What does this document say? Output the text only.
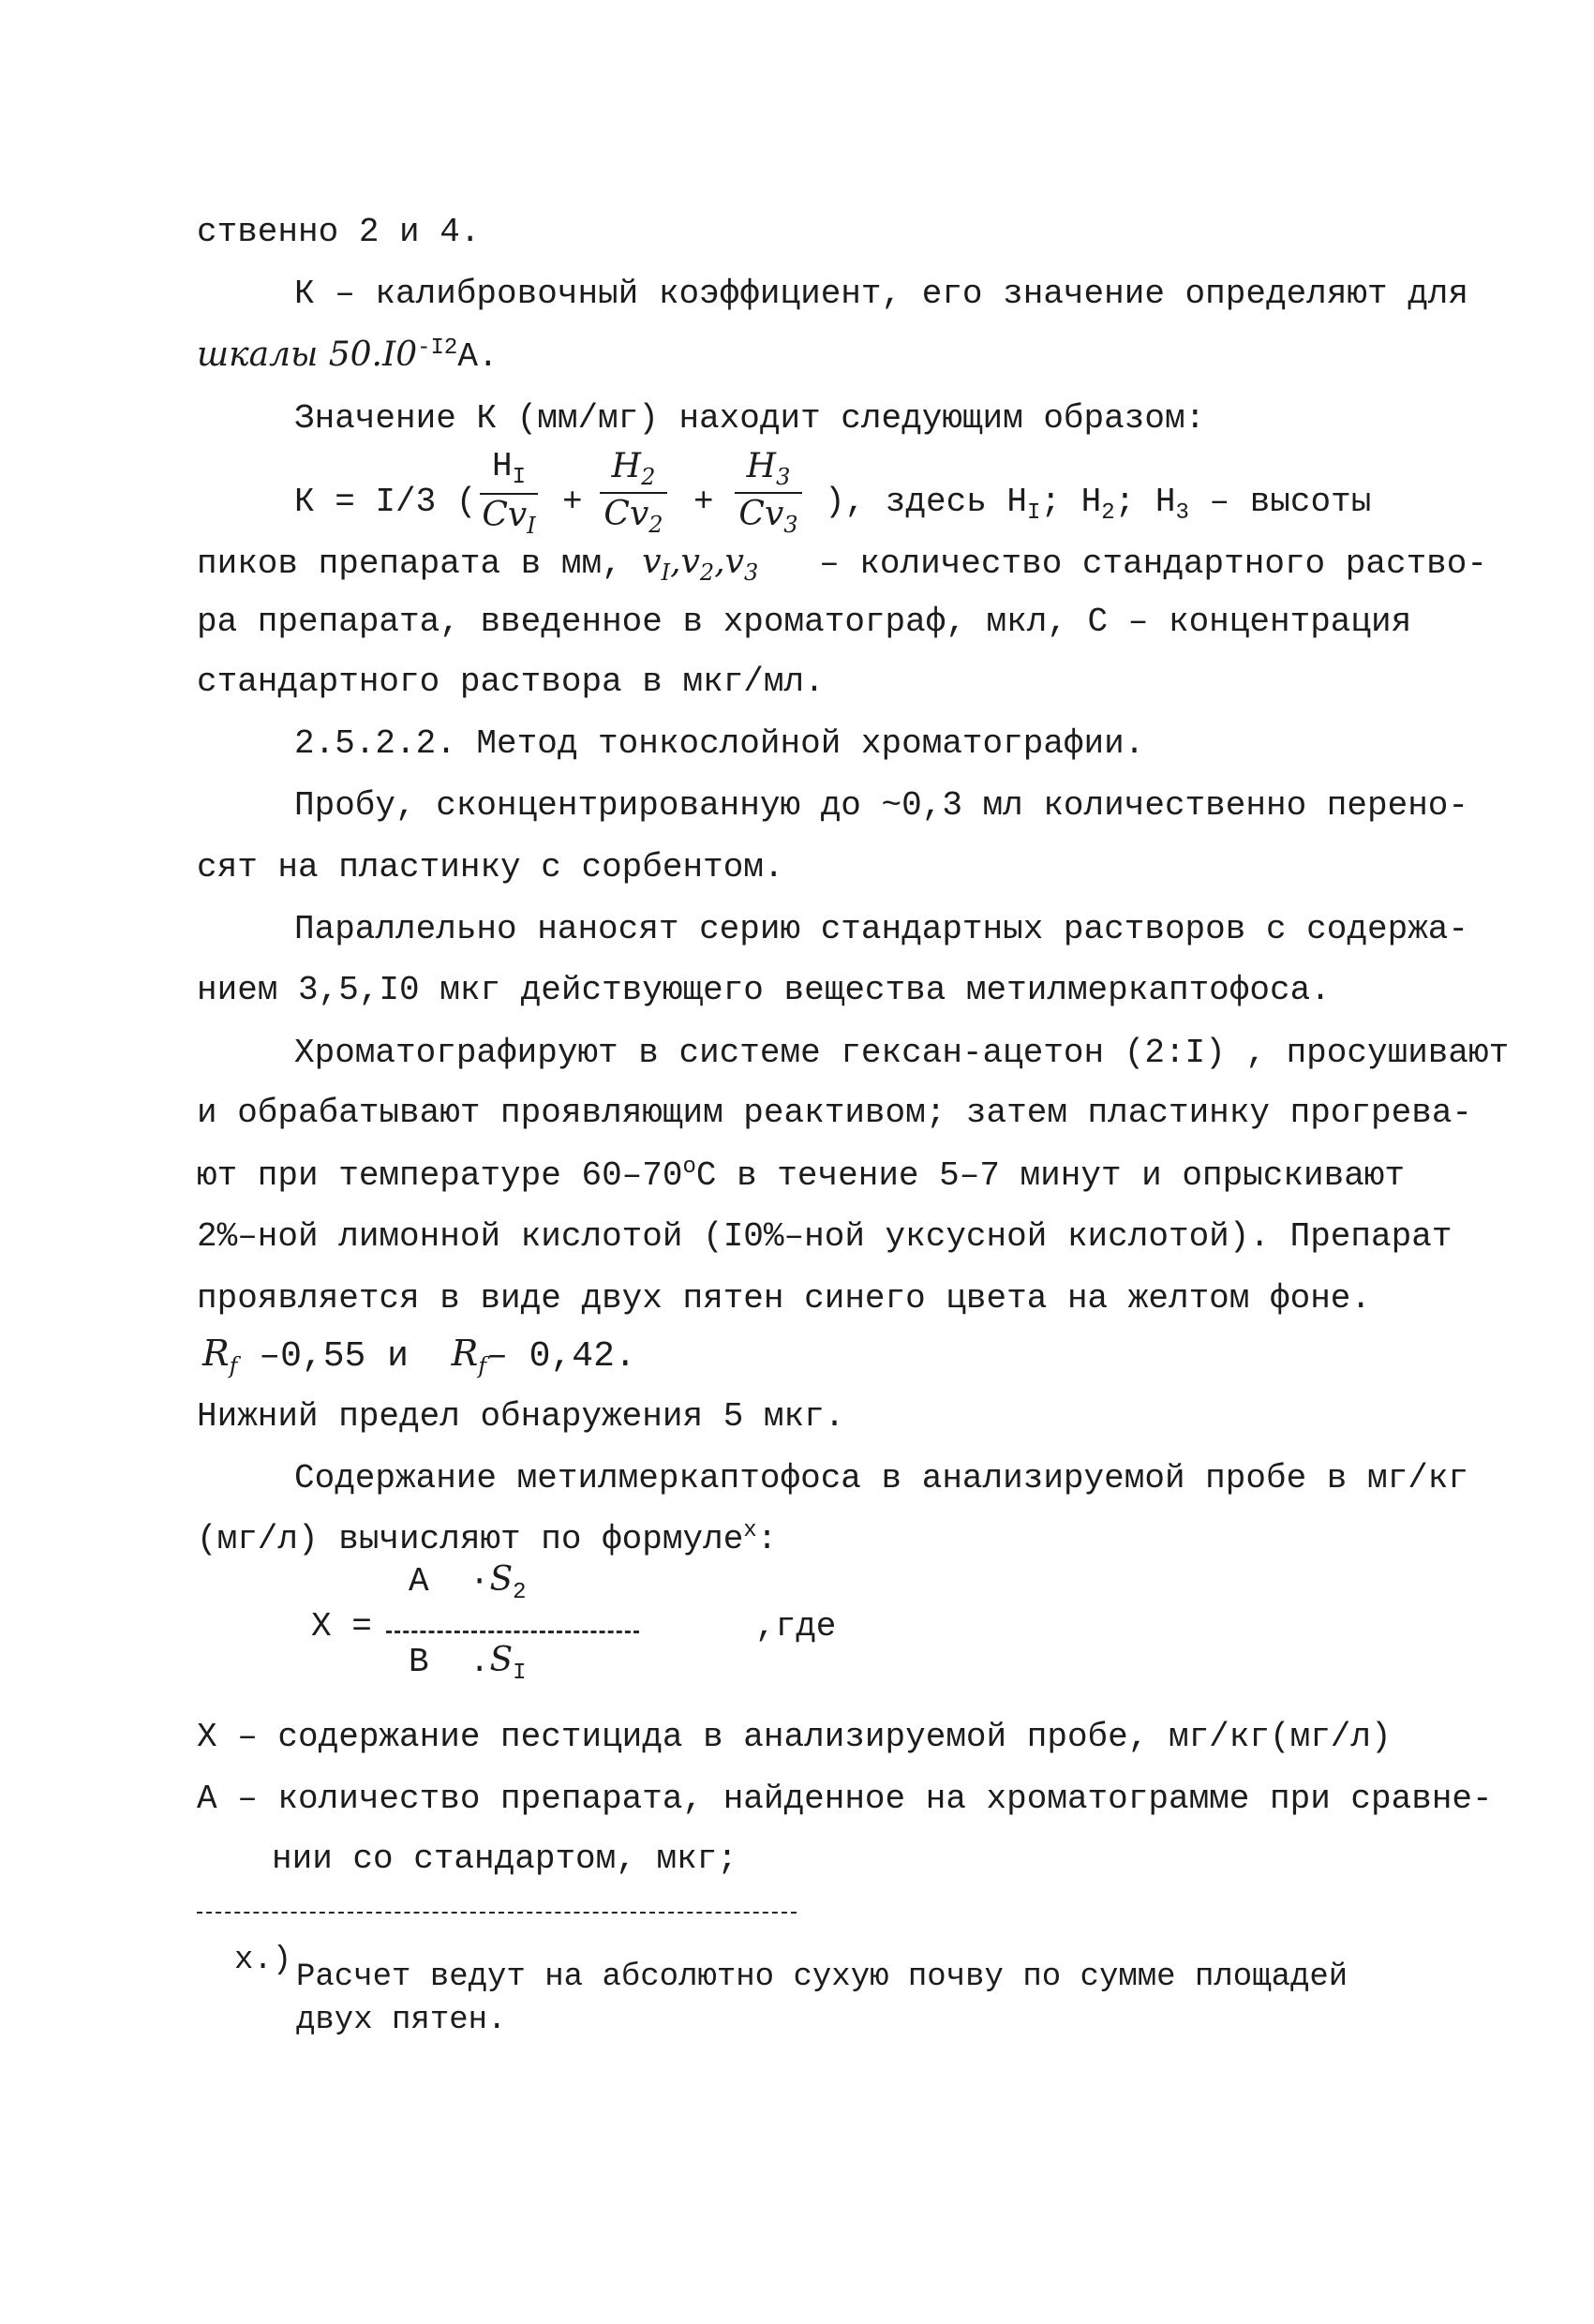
ственно 2 и 4.
К – калибровочный коэффициент, его значение определяют для
шкалы $50.I0^{-I2}А$.
Значение К (мм/мг) находит следующим образом:
К = I/3 (
$H_I$
$Cv_I$
+
$H_2$
$Cv_2$
+
$H_3$
$Cv_3$
), здесь $H_I$; $H_2$; $H_3$ – высоты
пиков препарата в мм, $v_I,v_2,v_3$ – количество стандартного раство-
ра препарата, введенное в хроматограф, мкл, С – концентрация
стандартного раствора в мкг/мл.
2.5.2.2. Метод тонкослойной хроматографии.
Пробу, сконцентрированную до ~0,3 мл количественно перено-
сят на пластинку с сорбентом.
Параллельно наносят серию стандартных растворов с содержа-
нием 3,5,I0 мкг действующего вещества метилмеркаптофоса.
Хроматографируют в системе гексан-ацетон (2:I) , просушивают
и обрабатывают проявляющим реактивом; затем пластинку прогрева-
ют при температуре 60–70$^o$С в течение 5–7 минут и опрыскивают
2%–ной лимонной кислотой (I0%–ной уксусной кислотой). Препарат
проявляется в виде двух пятен синего цвета на желтом фоне.
$R_f$ –0,55 и $R_f-$ 0,42.
Нижний предел обнаружения 5 мкг.
Содержание метилмеркаптофоса в анализируемой пробе в мг/кг
(мг/л) вычисляют по формуле$^х$:
Х =
$А \cdot S_2$
В $.S_I$
,где
Х – содержание пестицида в анализируемой пробе, мг/кг(мг/л)
А – количество препарата, найденное на хроматограмме при сравне-
нии со стандартом, мкг;
х.) Расчет ведут на абсолютно сухую почву по сумме площадей
двух пятен.
